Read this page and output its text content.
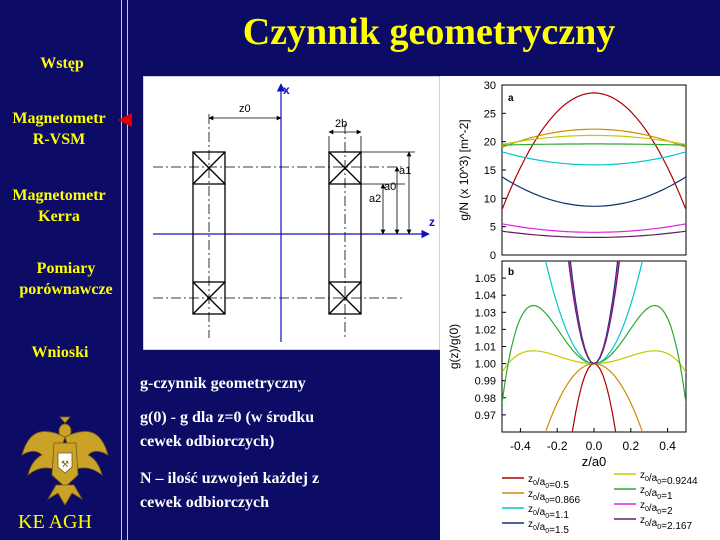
Czynnik geometryczny
Wstęp
Magnetometr
R-VSM
Magnetometr
Kerra
Pomiary
porównawcze
Wnioski
⚒
KE AGH
x
z
z0
2b
a1
a0
a2
g-czynnik geometryczny
g(0) - g dla z=0 (w środku
cewek odbiorczych)
N – ilość uzwojeń każdej z
cewek odbiorczych
0
5
10
15
20
25
30
a
g/N (x 10^3) [m^-2]
0.97
0.98
0.99
1.00
1.01
1.02
1.03
1.04
1.05
-0.4 -0.2 0.0 0.2 0.4
b
g(z)/g(0)
z/a0
$z_0/a_0=0.5$
$z_0/a_0=0.866$
$z_0/a_0=1.1$
$z_0/a_0=1.5$
$z_0/a_0=0.9244$
$z_0/a_0=1$
$z_0/a_0=2$
$z_0/a_0=2.167$
